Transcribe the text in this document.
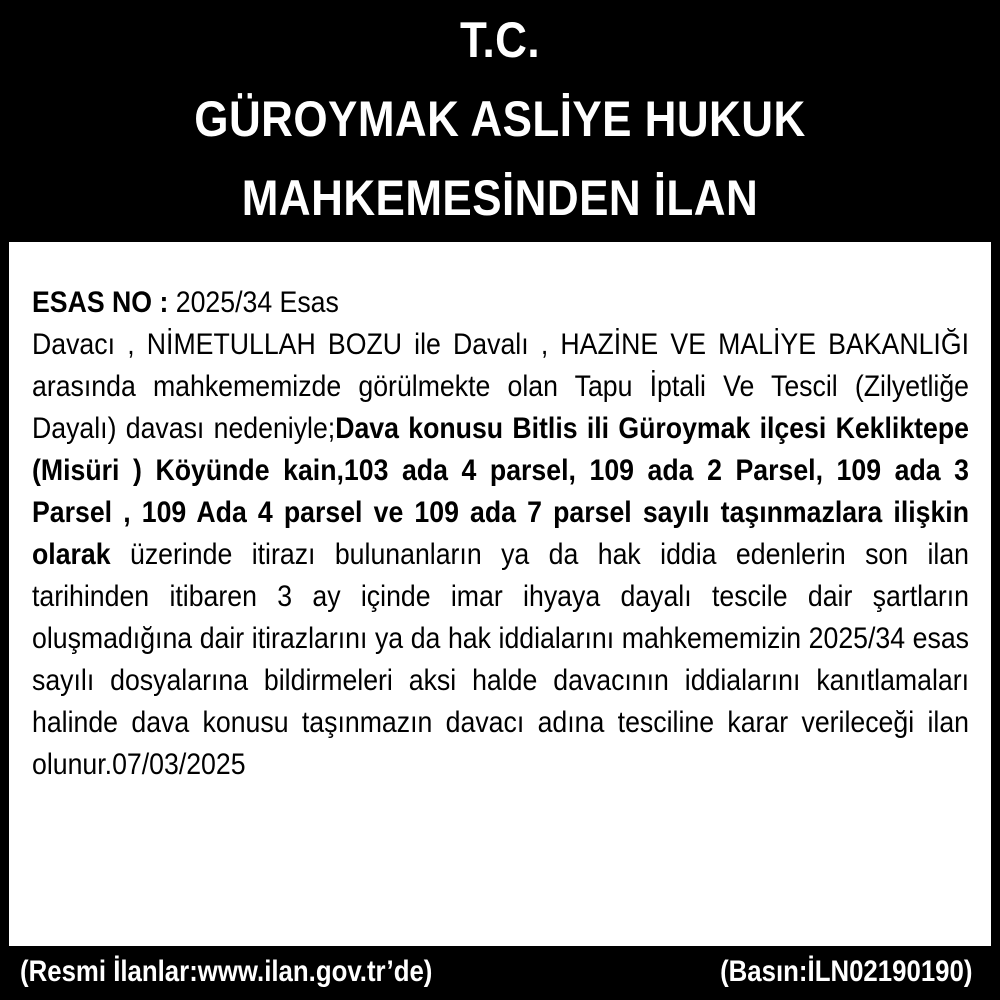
T.C.
GÜROYMAK ASLİYE HUKUK
MAHKEMESİNDEN İLAN
ESAS NO : 2025/34 Esas
Davacı , NİMETULLAH BOZU ile Davalı , HAZİNE VE MALİYE BAKANLIĞI arasında mahkememizde görülmekte olan Tapu İptali Ve Tescil (Zilyetliğe Dayalı) davası nedeniyle;Dava konusu Bitlis ili Güroymak ilçesi Kekliktepe (Misüri ) Köyünde kain,103 ada 4 parsel, 109 ada 2 Parsel, 109 ada 3 Parsel , 109 Ada 4 parsel ve 109 ada 7 parsel sayılı taşınmazlara ilişkin olarak üzerinde itirazı bulunanların ya da hak iddia edenlerin son ilan tarihinden itibaren 3 ay içinde imar ihyaya dayalı tescile dair şartların oluşmadığına dair itirazlarını ya da hak iddialarını mahkememizin 2025/34 esas sayılı dosyalarına bildirmeleri aksi halde davacının iddialarını kanıtlamaları halinde dava konusu taşınmazın davacı adına tesciline karar verileceği ilan olunur.07/03/2025
(Resmi İlanlar:www.ilan.gov.tr’de)	(Basın:İLN02190190)
